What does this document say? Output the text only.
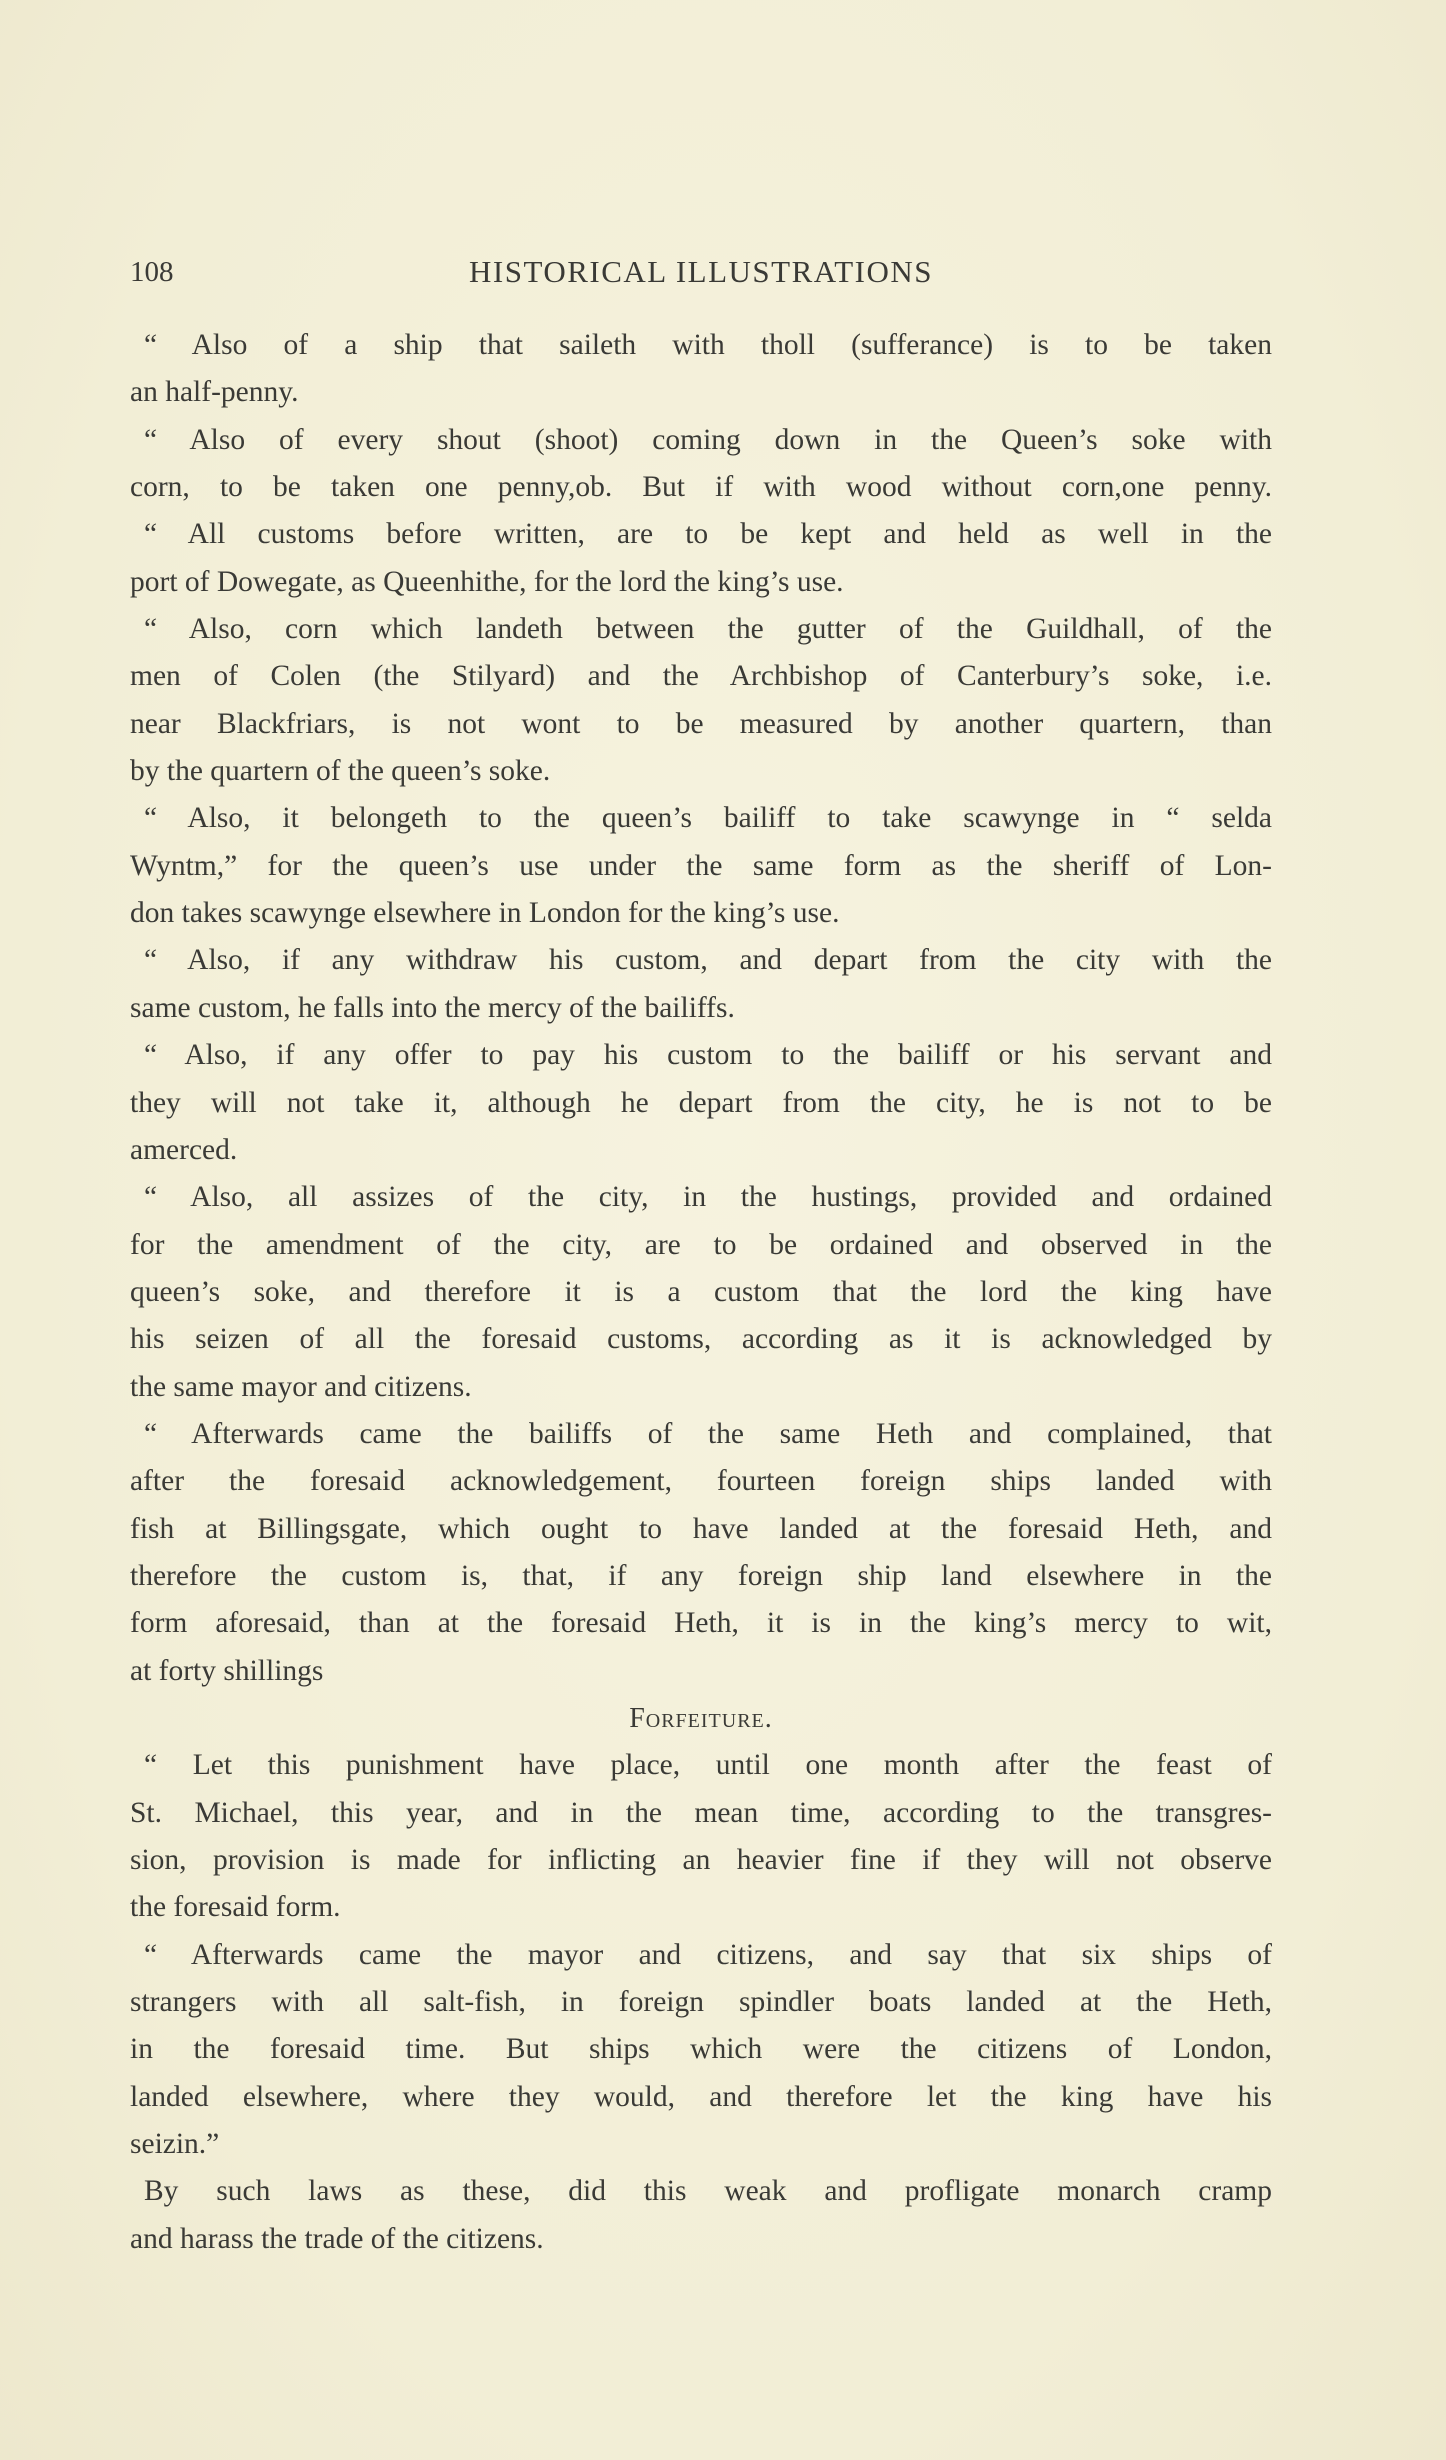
108	HISTORICAL ILLUSTRATIONS
“ Also of a ship that saileth with tholl (sufferance) is to be taken
an half-penny.
“ Also of every shout (shoot) coming down in the Queen’s soke with
corn, to be taken one penny,ob. But if with wood without corn,one penny.
“ All customs before written, are to be kept and held as well in the
port of Dowegate, as Queenhithe, for the lord the king’s use.
“ Also, corn which landeth between the gutter of the Guildhall, of the
men of Colen (the Stilyard) and the Archbishop of Canterbury’s soke, i.e.
near Blackfriars, is not wont to be measured by another quartern, than
by the quartern of the queen’s soke.
“ Also, it belongeth to the queen’s bailiff to take scawynge in “ selda
Wyntm,” for the queen’s use under the same form as the sheriff of Lon-
don takes scawynge elsewhere in London for the king’s use.
“ Also, if any withdraw his custom, and depart from the city with the
same custom, he falls into the mercy of the bailiffs.
“ Also, if any offer to pay his custom to the bailiff or his servant and
they will not take it, although he depart from the city, he is not to be
amerced.
“ Also, all assizes of the city, in the hustings, provided and ordained
for the amendment of the city, are to be ordained and observed in the
queen’s soke, and therefore it is a custom that the lord the king have
his seizen of all the foresaid customs, according as it is acknowledged by
the same mayor and citizens.
“ Afterwards came the bailiffs of the same Heth and complained, that
after the foresaid acknowledgement, fourteen foreign ships landed with
fish at Billingsgate, which ought to have landed at the foresaid Heth, and
therefore the custom is, that, if any foreign ship land elsewhere in the
form aforesaid, than at the foresaid Heth, it is in the king’s mercy to wit,
at forty shillings
Forfeiture.
“ Let this punishment have place, until one month after the feast of
St. Michael, this year, and in the mean time, according to the transgres-
sion, provision is made for inflicting an heavier fine if they will not observe
the foresaid form.
“ Afterwards came the mayor and citizens, and say that six ships of
strangers with all salt-fish, in foreign spindler boats landed at the Heth,
in the foresaid time. But ships which were the citizens of London,
landed elsewhere, where they would, and therefore let the king have his
seizin.”
By such laws as these, did this weak and profligate monarch cramp
and harass the trade of the citizens.
